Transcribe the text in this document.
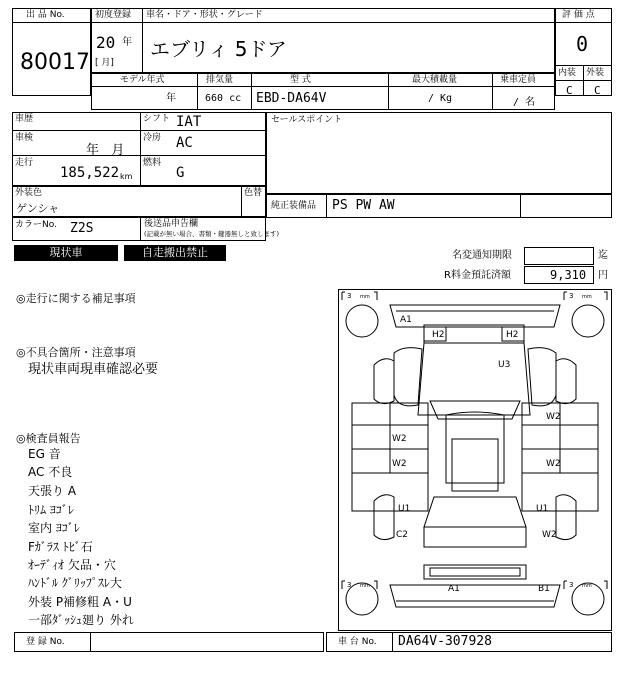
出 品 No.
80017
初度登録 車名・ドア・形状・グレード
20 年
[ 月]
エブリィ 5ドア
評 価 点
0
内装 外装
C C
モデル年式	排気量	型 式	最大積載量	乗車定員
年	660 cc EBD-DA64V	/ Kg	/ 名
車歴	シフト IAT
車検
年   月
冷房 AC
走行
185,522 km
燃料
G
セールスポイント
外装色
ゲンシャ
色替
純正装備品 PS PW AW
カラーNo. Z2S	後送品申告欄
(記載が無い場合、書類・鍵器無しと致します)
現状車	自走搬出禁止	名変通知期限	迄
R料金預託済額	9,310 円
◎走行に関する補足事項
◎不具合箇所・注意事項
現状車両現車確認必要
◎検査員報告
EG 音
AC 不良
天張り A
ﾄﾘﾑ ﾖｺﾞﾚ
室内 ﾖｺﾞﾚ
Fｶﾞﾗｽ ﾄﾋﾞ石
ｵｰﾃﾞｨｵ 欠品・穴
ﾊﾝﾄﾞﾙ ｸﾞﾘｯﾌﾟｽﾚ大
外装 P補修粗 A・U
一部ﾀﾞｯｼｭ廻り 外れ
3 mm	3 mm
3 mm	3 mm
A1
H2	H2
U3
W2
W2
W2	W2
U1	U1
C2	W2
A1	B1
登 録 No.	車 台 No. DA64V-307928
